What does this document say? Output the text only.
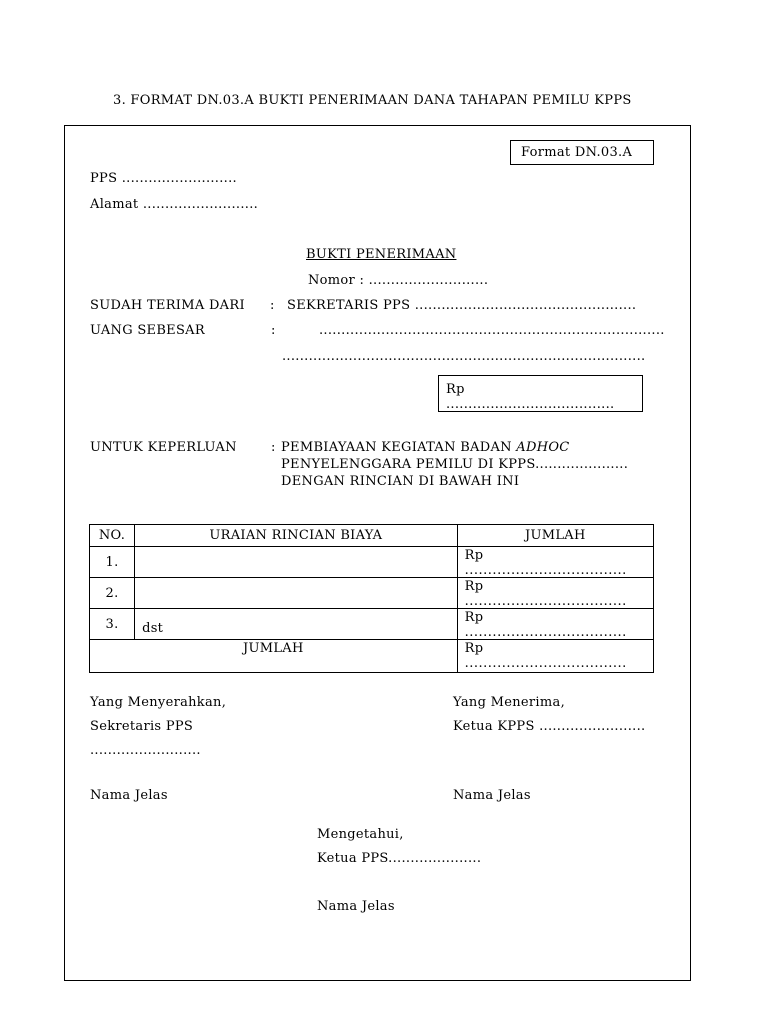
3. FORMAT DN.03.A BUKTI PENERIMAAN DANA TAHAPAN PEMILU KPPS
Format DN.03.A
PPS ..........................
Alamat ..........................
BUKTI PENERIMAAN
Nomor : ...........................
SUDAH TERIMA DARI : SEKRETARIS PPS ..................................................
UANG SEBESAR	:	..............................................................................
..................................................................................
Rp
......................................
UNTUK KEPERLUAN	: PEMBIAYAAN KEGIATAN BADAN ADHOC
PENYELENGGARA PEMILU DI KPPS.....................
DENGAN RINCIAN DI BAWAH INI
NO.	URAIAN RINCIAN BIAYA	JUMLAH
1.		Rp
...................................

2.		Rp
...................................

3.	dst	Rp
...................................

JUMLAH		Rp
...................................
Yang Menyerahkan,
Sekretaris PPS
.........................
Nama Jelas
Yang Menerima,
Ketua KPPS ........................
Nama Jelas
Mengetahui,
Ketua PPS.....................
Nama Jelas
